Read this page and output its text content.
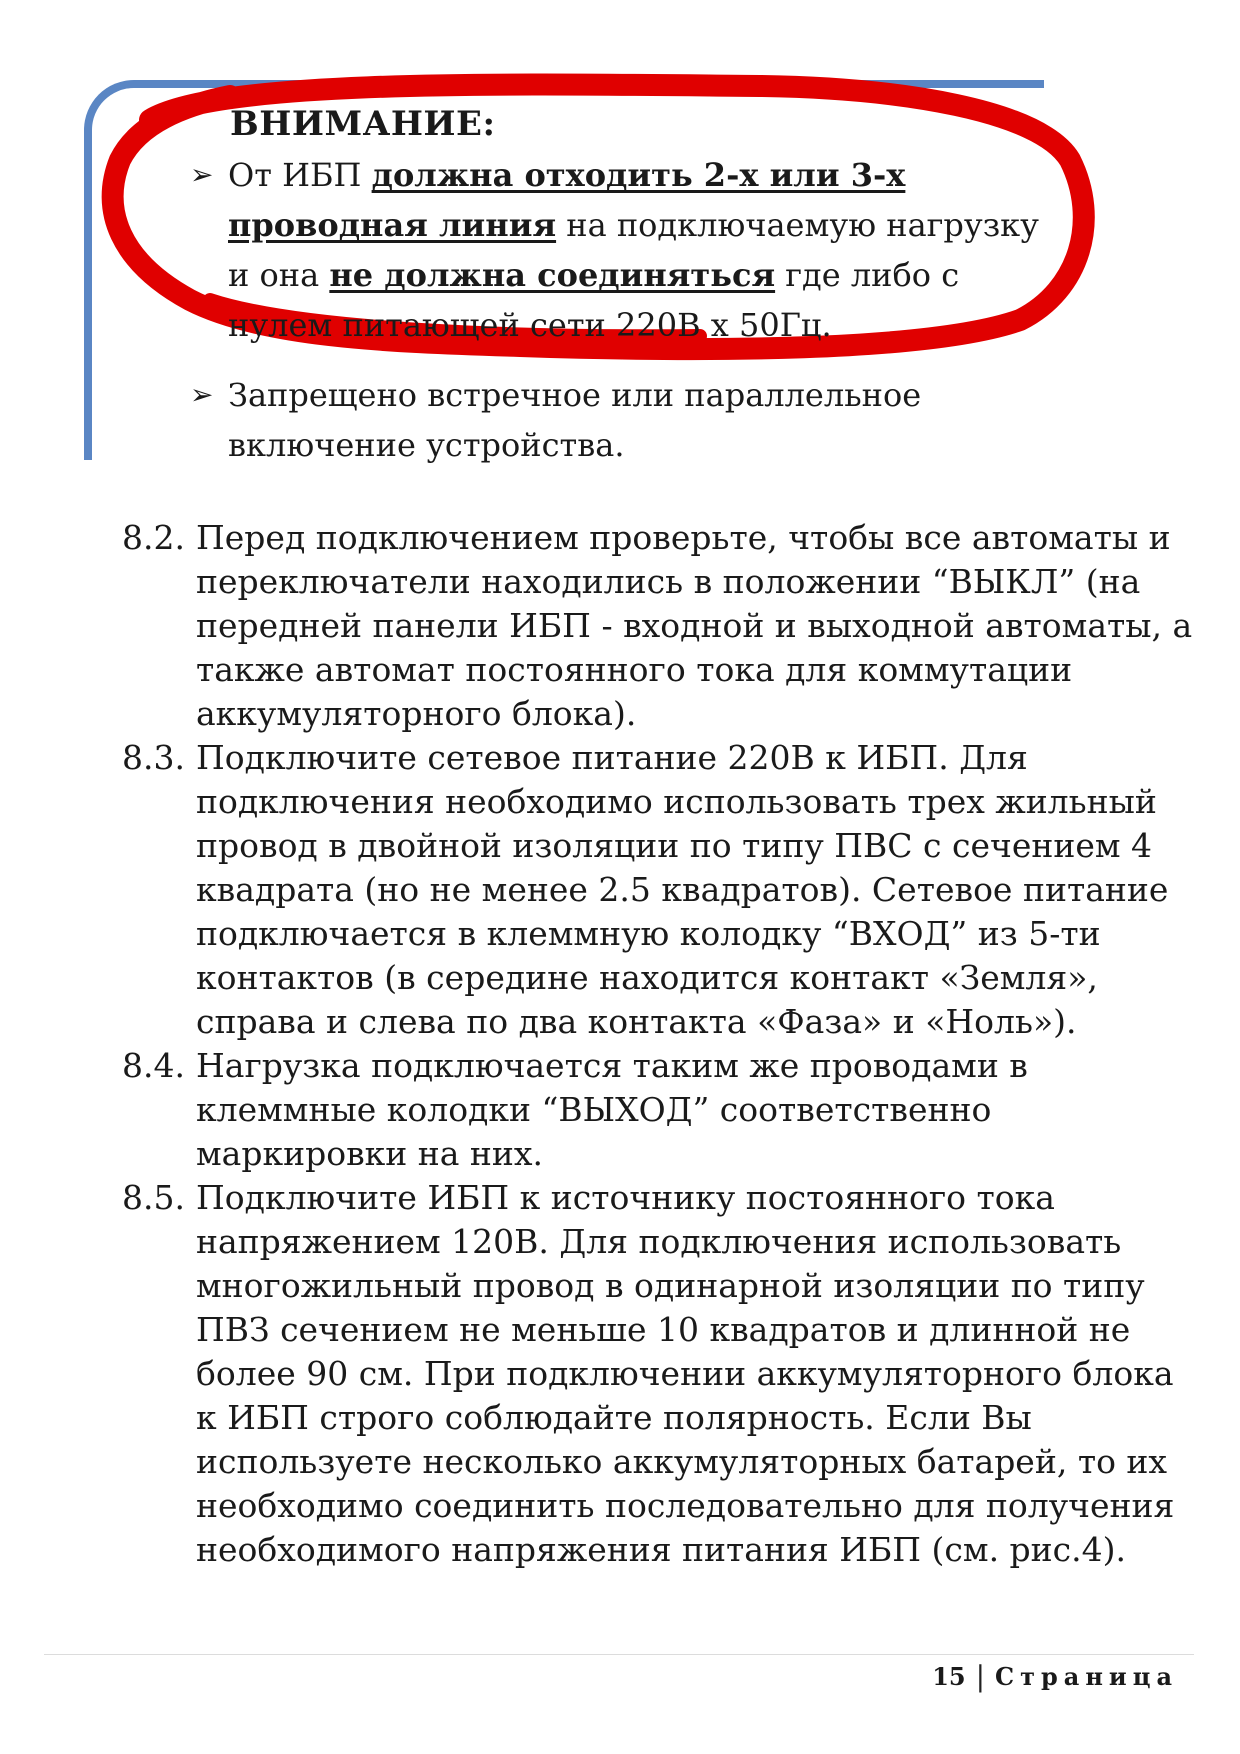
ВНИМАНИЕ:
➢ От ИБП должна отходить 2-х или 3-х проводная линия на подключаемую нагрузку и она не должна соединяться где либо с нулем питающей сети 220В х 50Гц.
➢ Запрещено встречное или параллельное включение устройства.
8.2. Перед подключением проверьте, чтобы все автоматы и переключатели находились в положении “ВЫКЛ” (на передней панели ИБП - входной и выходной автоматы, а также автомат постоянного тока для коммутации аккумуляторного блока).
8.3. Подключите сетевое питание 220В к ИБП. Для подключения необходимо использовать трех жильный провод в двойной изоляции по типу ПВС с сечением 4 квадрата (но не менее 2.5 квадратов). Сетевое питание подключается в клеммную колодку “ВХОД” из 5-ти контактов (в середине находится контакт «Земля», справа и слева по два контакта «Фаза» и «Ноль»).
8.4. Нагрузка подключается таким же проводами в клеммные колодки “ВЫХОД” соответственно маркировки на них.
8.5. Подключите ИБП к источнику постоянного тока напряжением 120В. Для подключения использовать многожильный провод в одинарной изоляции по типу ПВЗ сечением не меньше 10 квадратов и длинной не более 90 см. При подключении аккумуляторного блока к ИБП строго соблюдайте полярность. Если Вы используете несколько аккумуляторных батарей, то их необходимо соединить последовательно для получения необходимого напряжения питания ИБП (см. рис.4).
15 | Страница
